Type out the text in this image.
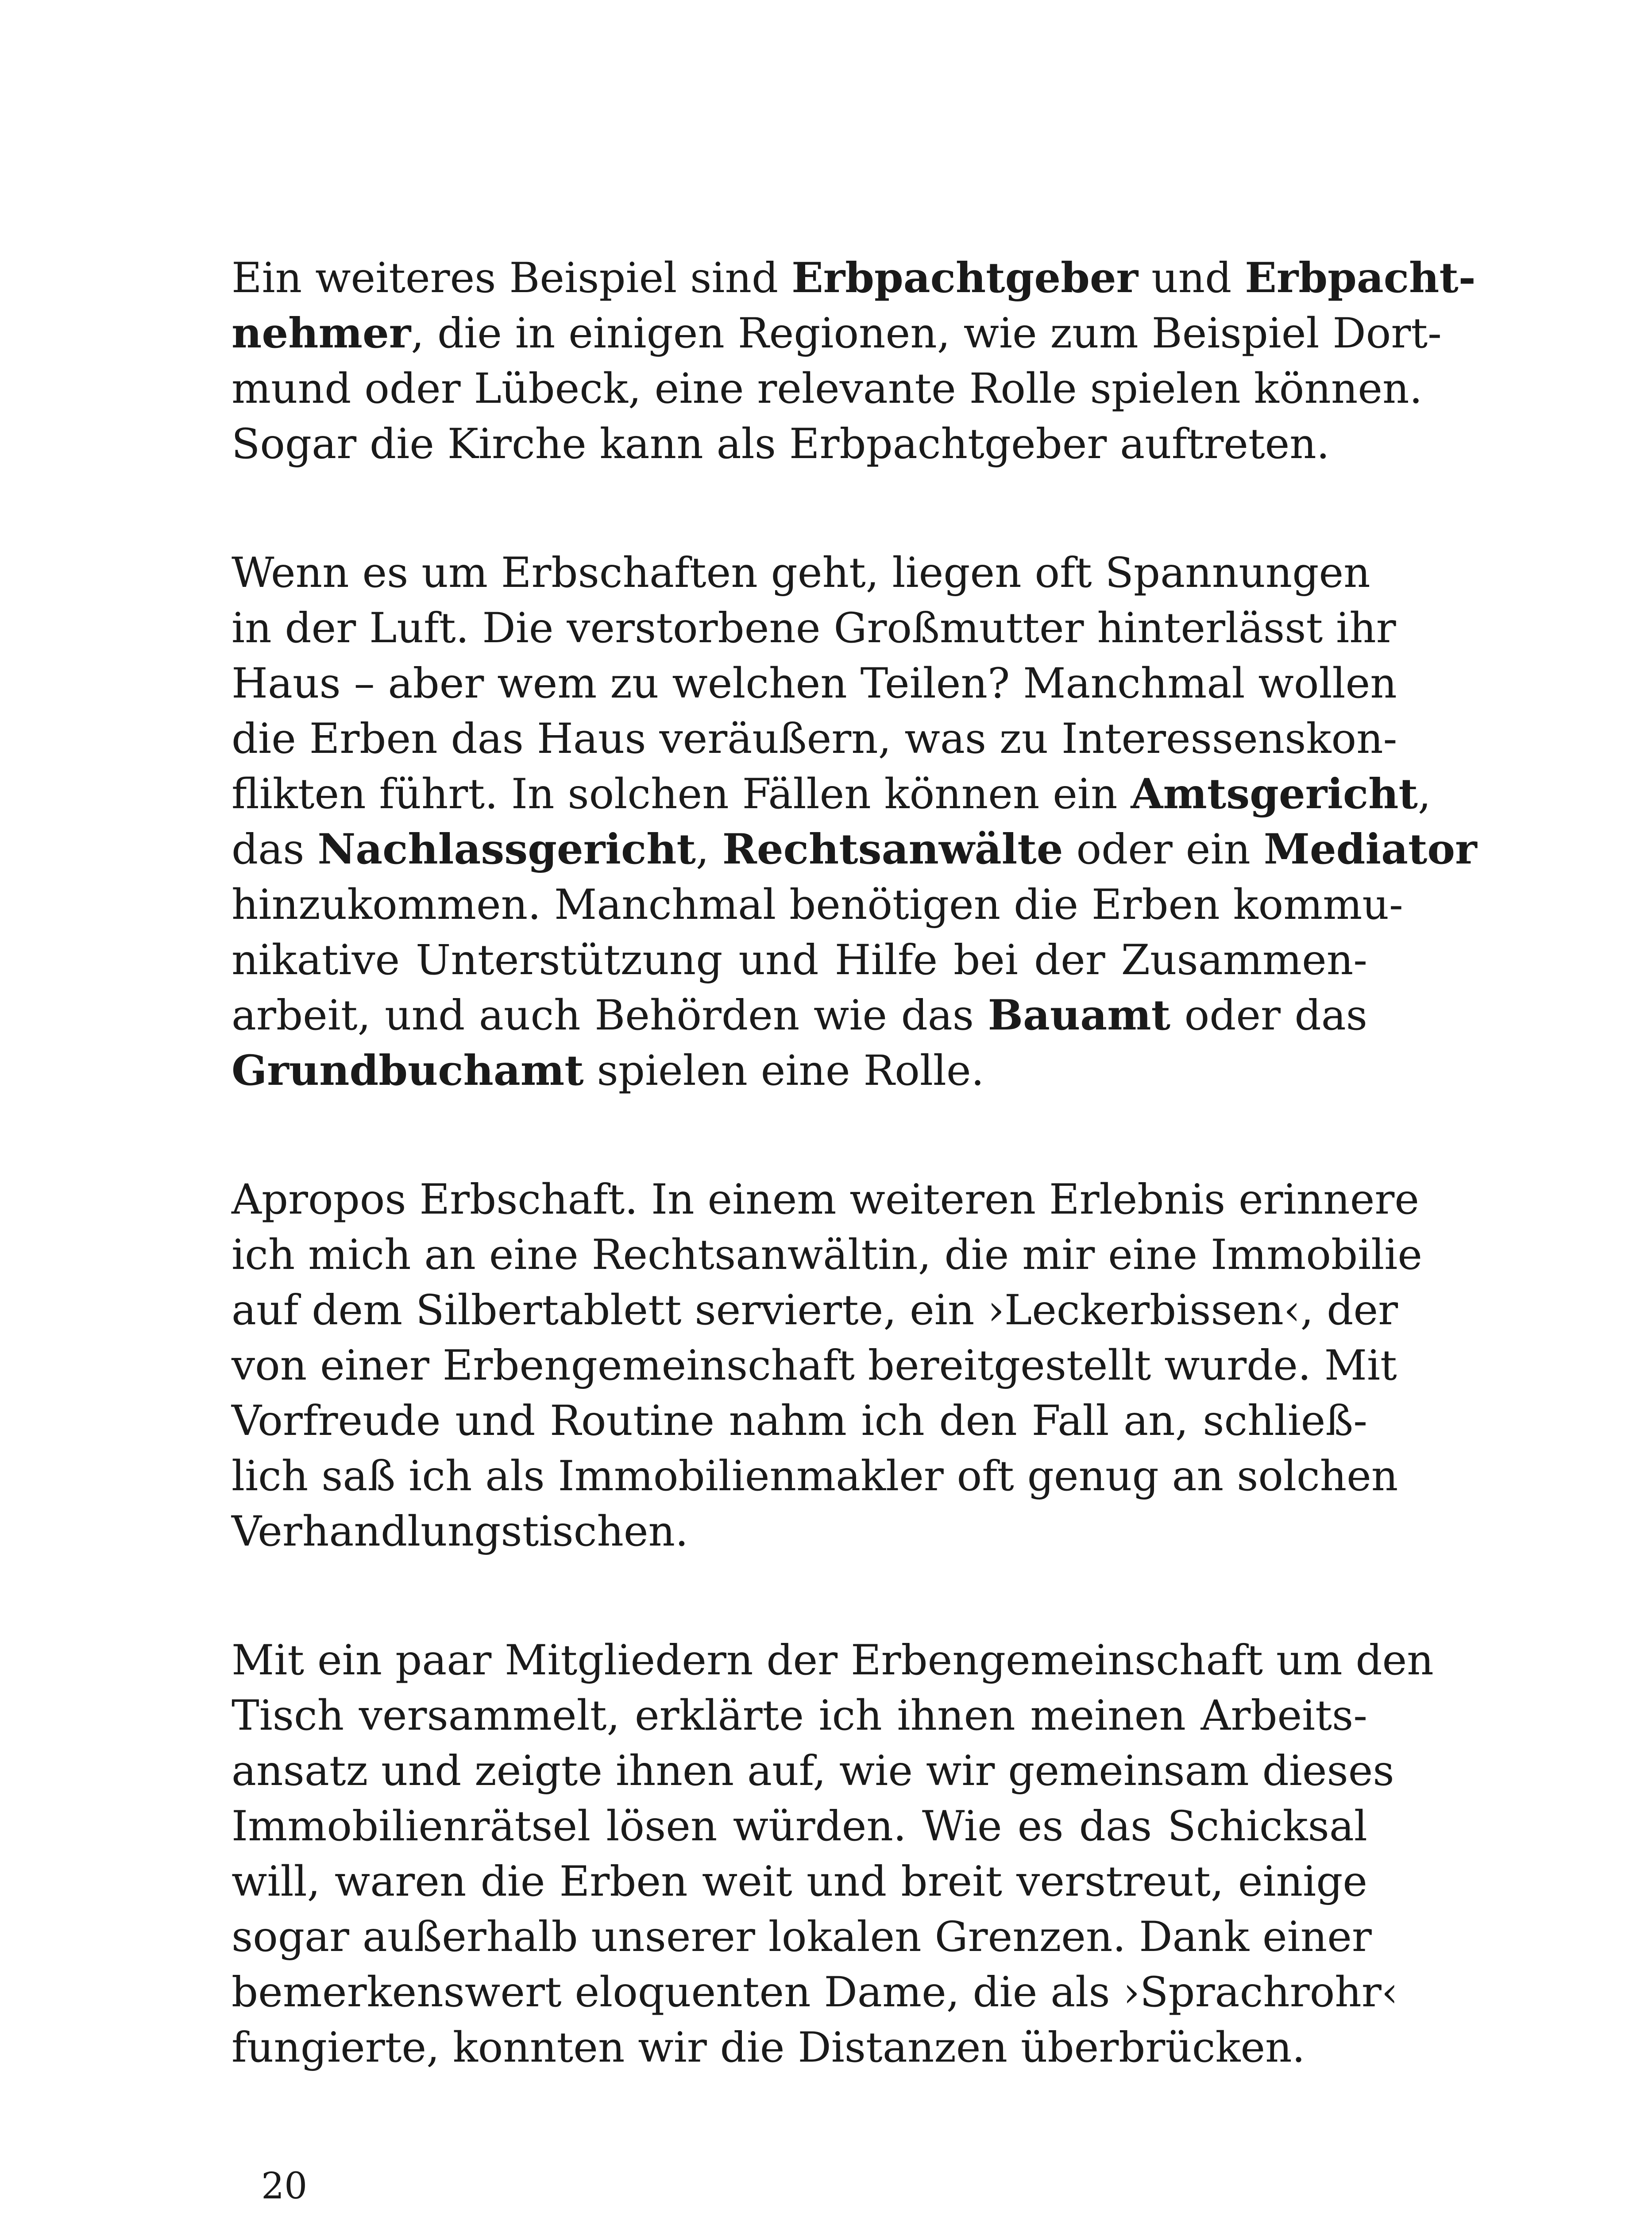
Ein weiteres Beispiel sind Erbpachtgeber und Erbpacht-
nehmer, die in einigen Regionen, wie zum Beispiel Dort-
mund oder Lübeck, eine relevante Rolle spielen können.
Sogar die Kirche kann als Erbpachtgeber auftreten.
Wenn es um Erbschaften geht, liegen oft Spannungen
in der Luft. Die verstorbene Großmutter hinterlässt ihr
Haus – aber wem zu welchen Teilen? Manchmal wollen
die Erben das Haus veräußern, was zu Interessenskon-
flikten führt. In solchen Fällen können ein Amtsgericht,
das Nachlassgericht, Rechtsanwälte oder ein Mediator
hinzukommen. Manchmal benötigen die Erben kommu-
nikative Unterstützung und Hilfe bei der Zusammen-
arbeit, und auch Behörden wie das Bauamt oder das
Grundbuchamt spielen eine Rolle.
Apropos Erbschaft. In einem weiteren Erlebnis erinnere
ich mich an eine Rechtsanwältin, die mir eine Immobilie
auf dem Silbertablett servierte, ein ›Leckerbissen‹, der
von einer Erbengemeinschaft bereitgestellt wurde. Mit
Vorfreude und Routine nahm ich den Fall an, schließ-
lich saß ich als Immobilienmakler oft genug an solchen
Verhandlungstischen.
Mit ein paar Mitgliedern der Erbengemeinschaft um den
Tisch versammelt, erklärte ich ihnen meinen Arbeits-
ansatz und zeigte ihnen auf, wie wir gemeinsam dieses
Immobilienrätsel lösen würden. Wie es das Schicksal
will, waren die Erben weit und breit verstreut, einige
sogar außerhalb unserer lokalen Grenzen. Dank einer
bemerkenswert eloquenten Dame, die als ›Sprachrohr‹
fungierte, konnten wir die Distanzen überbrücken.
20
